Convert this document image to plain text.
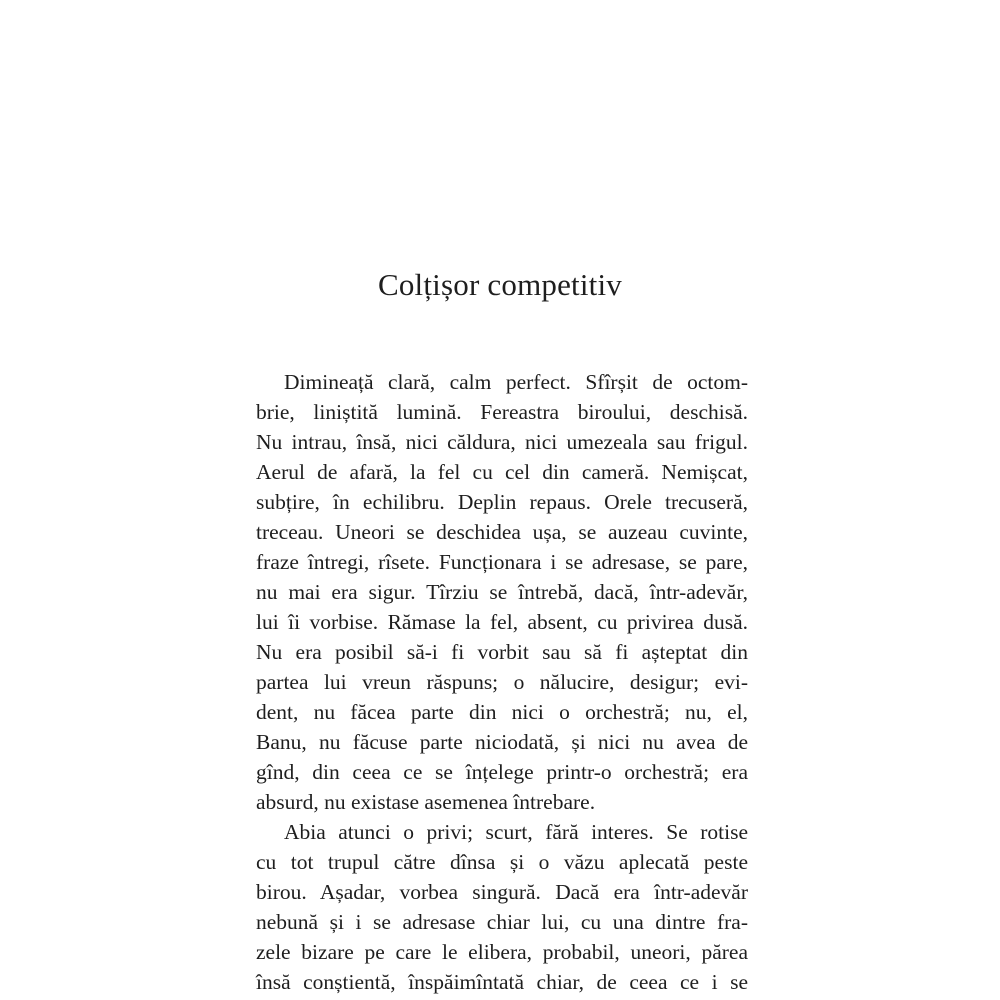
Colțișor competitiv
Dimineață clară, calm perfect. Sfîrșit de octom-
brie, liniștită lumină. Fereastra biroului, deschisă.
Nu intrau, însă, nici căldura, nici umezeala sau frigul.
Aerul de afară, la fel cu cel din cameră. Nemișcat,
subțire, în echilibru. Deplin repaus. Orele trecuseră,
treceau. Uneori se deschidea ușa, se auzeau cuvinte,
fraze întregi, rîsete. Funcționara i se adresase, se pare,
nu mai era sigur. Tîrziu se întrebă, dacă, într-adevăr,
lui îi vorbise. Rămase la fel, absent, cu privirea dusă.
Nu era posibil să-i fi vorbit sau să fi așteptat din
partea lui vreun răspuns; o nălucire, desigur; evi-
dent, nu făcea parte din nici o orchestră; nu, el,
Banu, nu făcuse parte niciodată, și nici nu avea de
gînd, din ceea ce se înțelege printr-o orchestră; era
absurd, nu existase asemenea întrebare.
Abia atunci o privi; scurt, fără interes. Se rotise
cu tot trupul către dînsa și o văzu aplecată peste
birou. Așadar, vorbea singură. Dacă era într-adevăr
nebună și i se adresase chiar lui, cu una dintre fra-
zele bizare pe care le elibera, probabil, uneori, părea
însă conștientă, înspăimîntată chiar, de ceea ce i se
